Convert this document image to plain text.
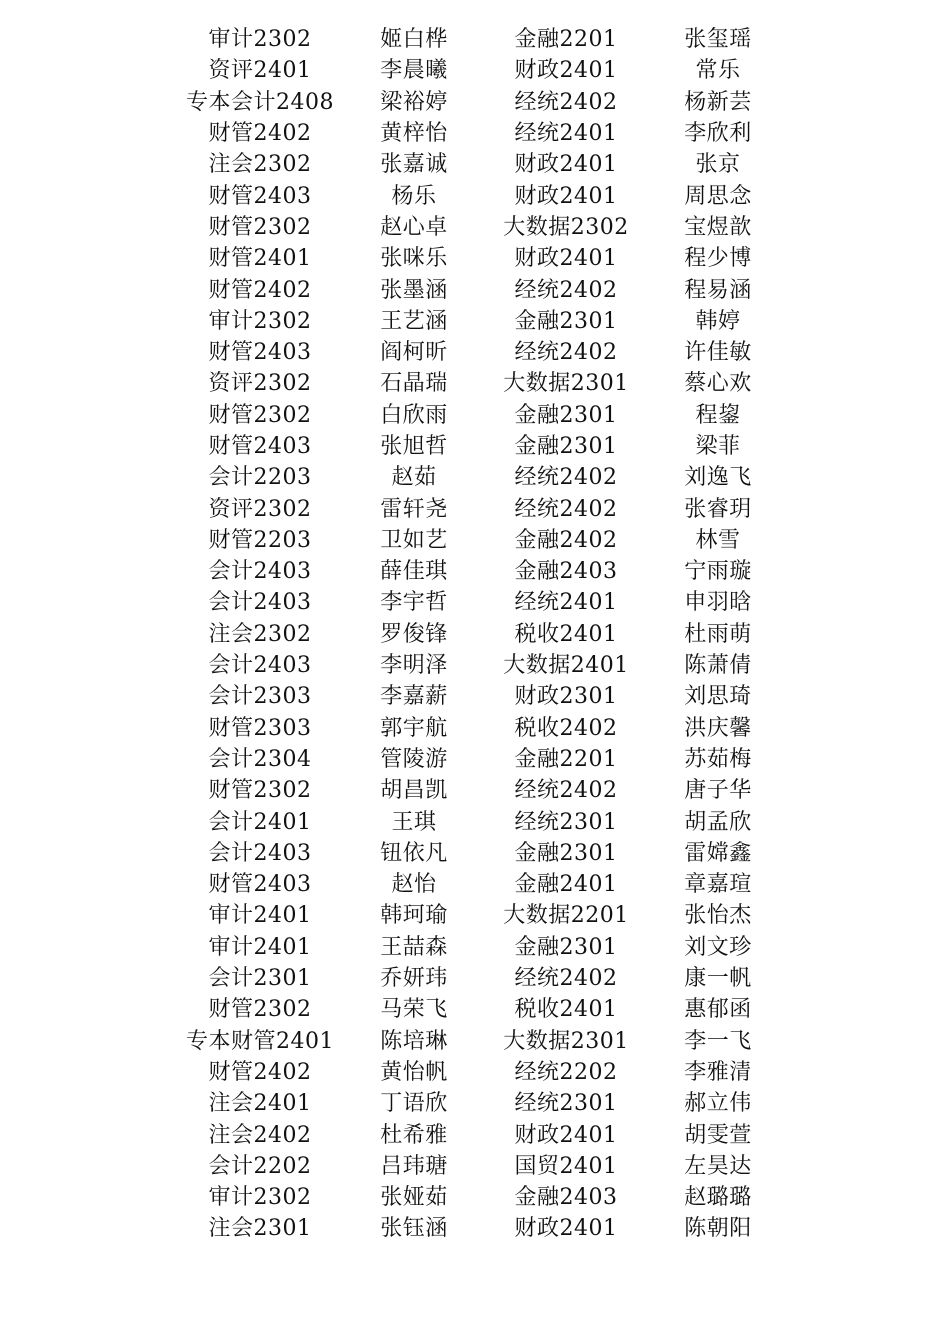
审计2302	姬白桦	金融2201	张玺瑶
资评2401	李晨曦	财政2401	常乐
专本会计2408	梁裕婷	经统2402	杨新芸
财管2402	黄梓怡	经统2401	李欣利
注会2302	张嘉诚	财政2401	张京
财管2403	杨乐	财政2401	周思念
财管2302	赵心卓	大数据2302	宝煜歆
财管2401	张咪乐	财政2401	程少博
财管2402	张墨涵	经统2402	程易涵
审计2302	王艺涵	金融2301	韩婷
财管2403	阎柯昕	经统2402	许佳敏
资评2302	石晶瑞	大数据2301	蔡心欢
财管2302	白欣雨	金融2301	程鋆
财管2403	张旭哲	金融2301	梁菲
会计2203	赵茹	经统2402	刘逸飞
资评2302	雷轩尧	经统2402	张睿玥
财管2203	卫如艺	金融2402	林雪
会计2403	薛佳琪	金融2403	宁雨璇
会计2403	李宇哲	经统2401	申羽晗
注会2302	罗俊锋	税收2401	杜雨萌
会计2403	李明泽	大数据2401	陈萧倩
会计2303	李嘉薪	财政2301	刘思琦
财管2303	郭宇航	税收2402	洪庆馨
会计2304	管陵游	金融2201	苏茹梅
财管2302	胡昌凯	经统2402	唐子华
会计2401	王琪	经统2301	胡孟欣
会计2403	钮依凡	金融2301	雷嫦鑫
财管2403	赵怡	金融2401	章嘉瑄
审计2401	韩珂瑜	大数据2201	张怡杰
审计2401	王喆森	金融2301	刘文珍
会计2301	乔妍玮	经统2402	康一帆
财管2302	马荣飞	税收2401	惠郁函
专本财管2401	陈培琳	大数据2301	李一飞
财管2402	黄怡帆	经统2202	李雅清
注会2401	丁语欣	经统2301	郝立伟
注会2402	杜希雅	财政2401	胡雯萱
会计2202	吕玮瑭	国贸2401	左昊达
审计2302	张娅茹	金融2403	赵璐璐
注会2301	张钰涵	财政2401	陈朝阳
